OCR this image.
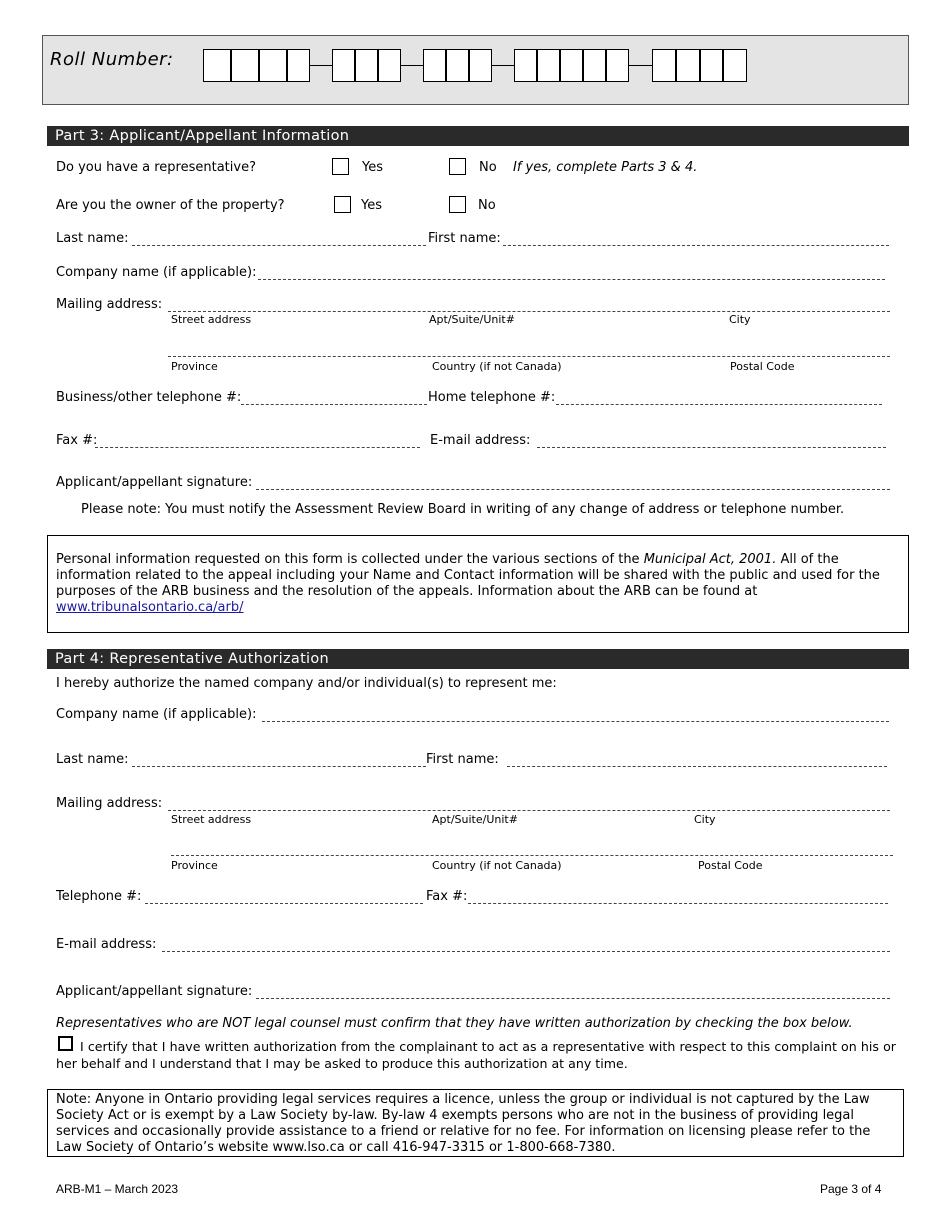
Roll Number:
Part 3: Applicant/Appellant Information
Do you have a representative?	Yes	No If yes, complete Parts 3 & 4.
Are you the owner of the property?	Yes	No
Last name:	First name:
Company name (if applicable):
Mailing address:
Street address	Apt/Suite/Unit#	City
Province	Country (if not Canada)	Postal Code
Business/other telephone #:	Home telephone #:
Fax #:	E-mail address:
Applicant/appellant signature:
Please note: You must notify the Assessment Review Board in writing of any change of address or telephone number.
Personal information requested on this form is collected under the various sections of the Municipal Act, 2001. All of the information related to the appeal including your Name and Contact information will be shared with the public and used for the purposes of the ARB business and the resolution of the appeals. Information about the ARB can be found at
www.tribunalsontario.ca/arb/
Part 4: Representative Authorization
I hereby authorize the named company and/or individual(s) to represent me:
Company name (if applicable):
Last name:	First name:
Mailing address:
Street address	Apt/Suite/Unit#	City
Province	Country (if not Canada)	Postal Code
Telephone #:	Fax #:
E-mail address:
Applicant/appellant signature:
Representatives who are NOT legal counsel must confirm that they have written authorization by checking the box below.
I certify that I have written authorization from the complainant to act as a representative with respect to this complaint on his or her behalf and I understand that I may be asked to produce this authorization at any time.
Note: Anyone in Ontario providing legal services requires a licence, unless the group or individual is not captured by the Law Society Act or is exempt by a Law Society by-law. By-law 4 exempts persons who are not in the business of providing legal services and occasionally provide assistance to a friend or relative for no fee. For information on licensing please refer to the Law Society of Ontario’s website www.lso.ca or call 416-947-3315 or 1-800-668-7380.
ARB-M1 – March 2023	Page 3 of 4
